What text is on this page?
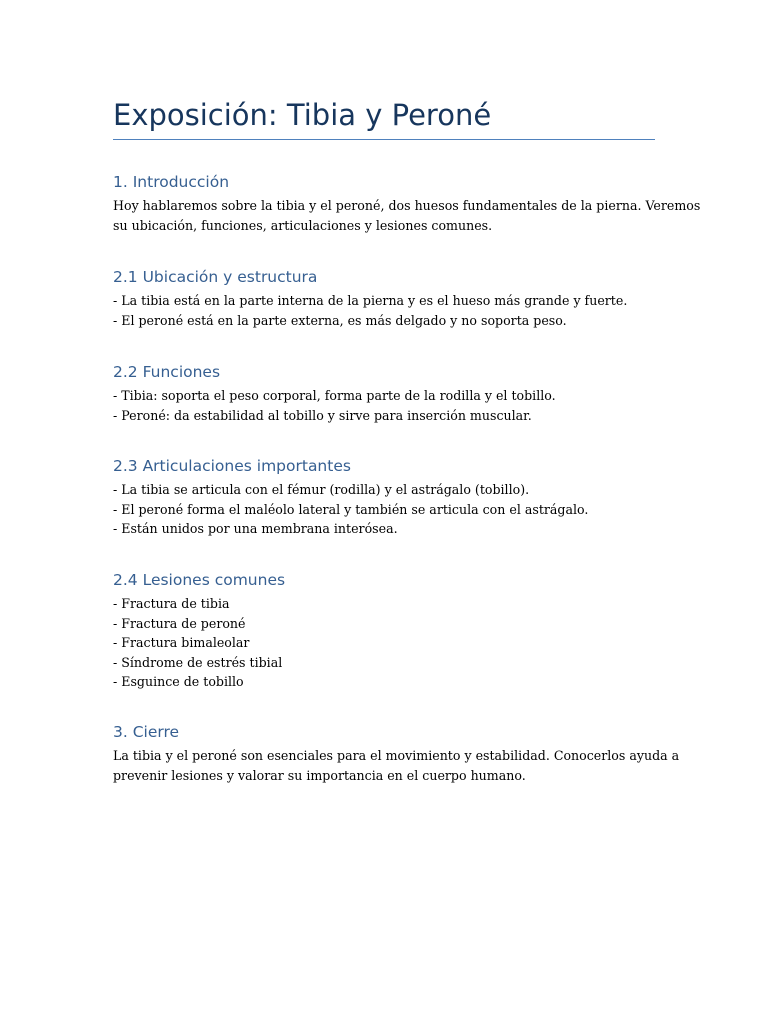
Exposición: Tibia y Peroné
1. Introducción

Hoy hablaremos sobre la tibia y el peroné, dos huesos fundamentales de la pierna. Veremos
su ubicación, funciones, articulaciones y lesiones comunes.

2.1 Ubicación y estructura

- La tibia está en la parte interna de la pierna y es el hueso más grande y fuerte.
- El peroné está en la parte externa, es más delgado y no soporta peso.

2.2 Funciones

- Tibia: soporta el peso corporal, forma parte de la rodilla y el tobillo.
- Peroné: da estabilidad al tobillo y sirve para inserción muscular.

2.3 Articulaciones importantes

- La tibia se articula con el fémur (rodilla) y el astrágalo (tobillo).
- El peroné forma el maléolo lateral y también se articula con el astrágalo.
- Están unidos por una membrana interósea.

2.4 Lesiones comunes

- Fractura de tibia
- Fractura de peroné
- Fractura bimaleolar
- Síndrome de estrés tibial
- Esguince de tobillo

3. Cierre

La tibia y el peroné son esenciales para el movimiento y estabilidad. Conocerlos ayuda a
prevenir lesiones y valorar su importancia en el cuerpo humano.
